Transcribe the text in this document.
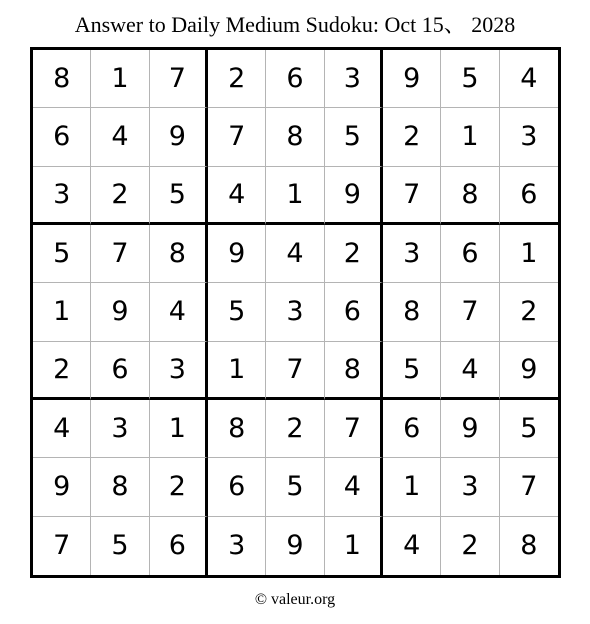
Answer to Daily Medium Sudoku: Oct 15、 2028
8	1	7	2	6	3	9	5	4
6	4	9	7	8	5	2	1	3
3	2	5	4	1	9	7	8	6
5	7	8	9	4	2	3	6	1
1	9	4	5	3	6	8	7	2
2	6	3	1	7	8	5	4	9
4	3	1	8	2	7	6	9	5
9	8	2	6	5	4	1	3	7
7	5	6	3	9	1	4	2	8
© valeur.org
